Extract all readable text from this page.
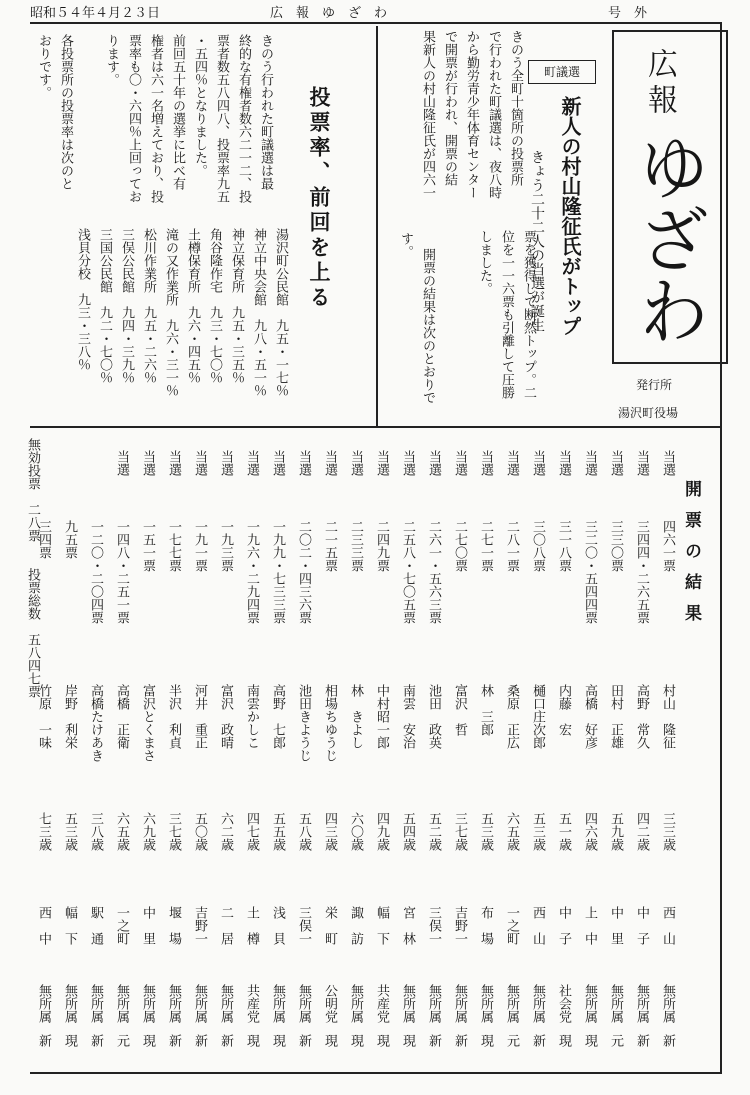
昭和５４年４月２３日	広　報　ゆ　ざ　わ	号　外
広報
ゆざわ
発行所
湯沢町役場
町議選
新人の村山隆征氏がトップ
きょう二十二人の当選が誕生
きのう全町十箇所の投票所
で行われた町議選は、夜八時
から勤労青少年体育センター
で開票が行われ、開票の結
果新人の村山隆征氏が四六一
票を獲得して断然トップ。二
位を一一六票も引離して圧勝
しました。
開票の結果は次のとおりで
す。
投票率、前回を上る
きのう行われた町議選は最
終的な有権者数六二一二、投
票者数五八四八、投票率九五
・五四％となりました。
前回五十年の選挙に比べ有
権者は六一名増えており、投
票率も〇・六四％上回ってお
ります。
各投票所の投票率は次のと
おりです。
湯沢町公民館　九五・一七％
神立中央会館　九八・五一％
神立保育所　九五・三五％
角谷隆作宅　九三・七〇％
土樽保育所　九六・四五％
滝の又作業所　九六・三一％
松川作業所　九五・二六％
三俣公民館　九四・三九％
三国公民館　九二・七〇％
浅貝分校　九三・三八％
開票の結果
当選
四六一票
村山　隆征
三三歳
西　山
無所属
新
当選
三四四・二六五票
高野　常久
四二歳
中　子
無所属
新
当選
三三〇票
田村　正雄
五九歳
中　里
無所属
元
当選
三二〇・五四四票
高橋　好彦
四六歳
上　中
無所属
現
当選
三一八票
内藤　宏
五一歳
中　子
社会党
現
当選
三〇八票
樋口庄次郎
五三歳
西　山
無所属
新
当選
二八一票
桑原　正広
六五歳
一之町
無所属
元
当選
二七一票
林　三郎
五三歳
布　場
無所属
現
当選
二七〇票
富沢　哲
三七歳
吉野一
無所属
新
当選
二六一・五六三票
池田　政英
五二歳
三俣一
無所属
新
当選
二五八・七〇五票
南雲　安治
五四歳
宮　林
無所属
現
当選
二四九票
中村昭一郎
四九歳
幅　下
共産党
現
当選
二三三票
林　きよし
六〇歳
諏　訪
無所属
現
当選
二一五票
相場ちゆうじ
四三歳
栄　町
公明党
現
当選
二〇二・四三六票
池田きようじ
五八歳
三俣一
無所属
新
当選
一九九・七三三票
高野　七郎
五五歳
浅　貝
無所属
現
当選
一九六・二九四票
南雲かしこ
四七歳
土　樽
共産党
現
当選
一九三票
富沢　政晴
六二歳
二　居
無所属
新
当選
一九一票
河井　重正
五〇歳
吉野一
無所属
新
当選
一七七票
半沢　利貞
三七歳
堰　場
無所属
新
当選
一五一票
富沢とくまさ
六九歳
中　里
無所属
現
当選
一四八・二五一票
高橋　正衛
六五歳
一之町
無所属
元
一二〇・二〇四票
高橋たけあき
三八歳
駅　通
無所属
新
九五票
岸野　利栄
五三歳
幅　下
無所属
現
三四票
竹原　一味
七三歳
西　中
無所属
新
無効投票　二八票　　投票総数　五八四七票
